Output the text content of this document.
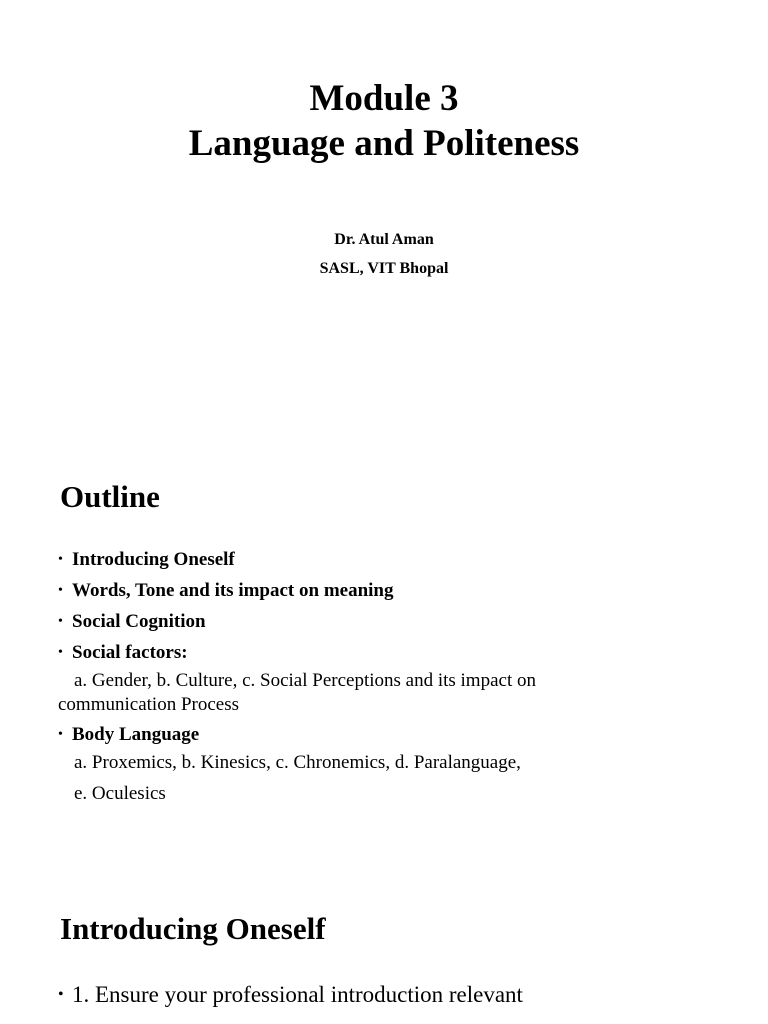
Module 3
Language and Politeness
Dr. Atul Aman
SASL, VIT Bhopal
Outline
• Introducing Oneself
• Words, Tone and its impact on meaning
• Social Cognition
• Social factors:
a. Gender, b. Culture, c. Social Perceptions and its impact on
communication Process
• Body Language
a. Proxemics, b. Kinesics, c. Chronemics, d. Paralanguage,
e. Oculesics
Introducing Oneself
• 1. Ensure your professional introduction relevant
